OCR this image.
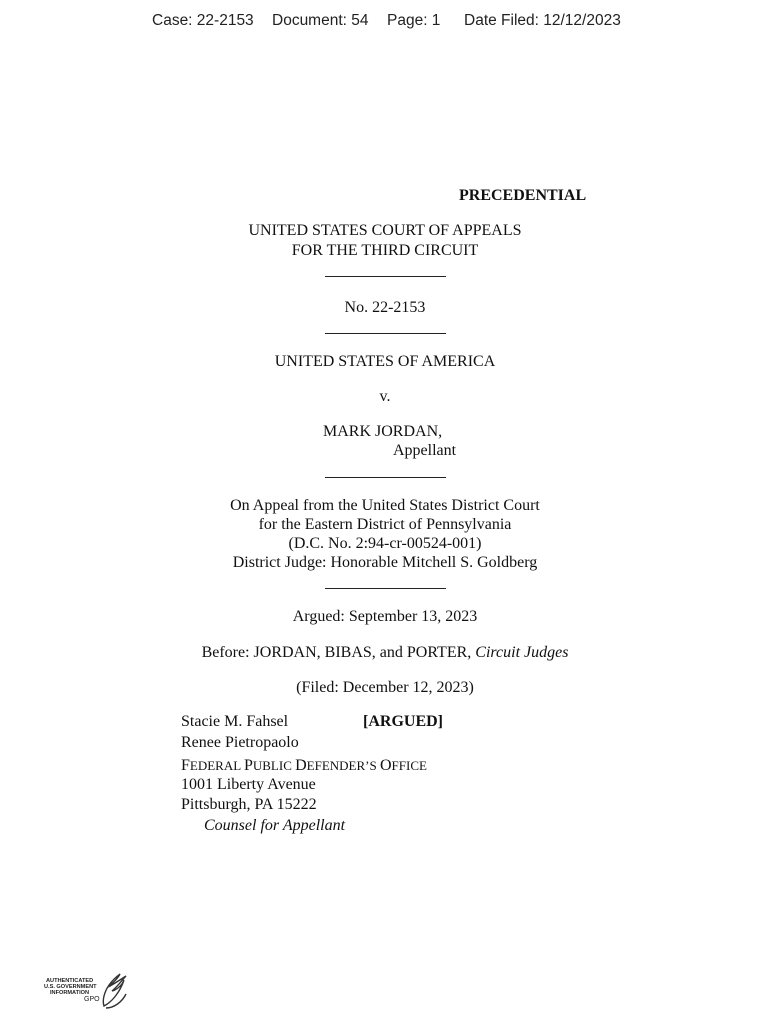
Case: 22-2153 Document: 54 Page: 1 Date Filed: 12/12/2023
PRECEDENTIAL
UNITED STATES COURT OF APPEALS
FOR THE THIRD CIRCUIT
No. 22-2153
UNITED STATES OF AMERICA
v.
MARK JORDAN,
Appellant
On Appeal from the United States District Court
for the Eastern District of Pennsylvania
(D.C. No. 2:94-cr-00524-001)
District Judge: Honorable Mitchell S. Goldberg
Argued: September 13, 2023
Before: JORDAN, BIBAS, and PORTER, Circuit Judges
(Filed: December 12, 2023)
Stacie M. Fahsel	[ARGUED]
Renee Pietropaolo
FEDERAL PUBLIC DEFENDER’S OFFICE
1001 Liberty Avenue
Pittsburgh, PA 15222
Counsel for Appellant
AUTHENTICATED
U.S. GOVERNMENT
INFORMATION
GPO
